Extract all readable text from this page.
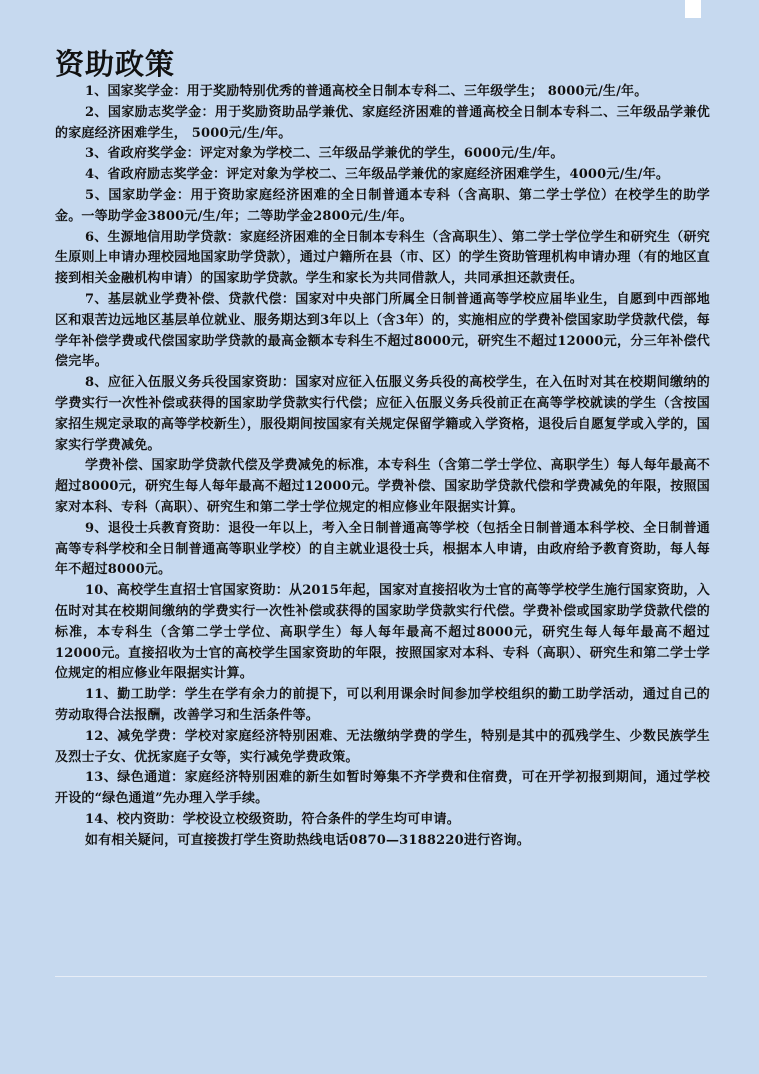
资助政策

1、国家奖学金：用于奖励特别优秀的普通高校全日制本专科二、三年级学生； 8000元/生/年。

2、国家励志奖学金：用于奖励资助品学兼优、家庭经济困难的普通高校全日制本专科二、三年级品学兼优的家庭经济困难学生， 5000元/生/年。

3、省政府奖学金：评定对象为学校二、三年级品学兼优的学生，6000元/生/年。

4、省政府励志奖学金：评定对象为学校二、三年级品学兼优的家庭经济困难学生，4000元/生/年。

5、国家助学金：用于资助家庭经济困难的全日制普通本专科（含高职、第二学士学位）在校学生的助学金。一等助学金3800元/生/年；二等助学金2800元/生/年。

6、生源地信用助学贷款：家庭经济困难的全日制本专科生（含高职生）、第二学士学位学生和研究生（研究生原则上申请办理校园地国家助学贷款），通过户籍所在县（市、区）的学生资助管理机构申请办理（有的地区直接到相关金融机构申请）的国家助学贷款。学生和家长为共同借款人，共同承担还款责任。

7、基层就业学费补偿、贷款代偿：国家对中央部门所属全日制普通高等学校应届毕业生，自愿到中西部地区和艰苦边远地区基层单位就业、服务期达到3年以上（含3年）的，实施相应的学费补偿国家助学贷款代偿，每学年补偿学费或代偿国家助学贷款的最高金额本专科生不超过8000元，研究生不超过12000元，分三年补偿代偿完毕。

8、应征入伍服义务兵役国家资助：国家对应征入伍服义务兵役的高校学生，在入伍时对其在校期间缴纳的学费实行一次性补偿或获得的国家助学贷款实行代偿；应征入伍服义务兵役前正在高等学校就读的学生（含按国家招生规定录取的高等学校新生），服役期间按国家有关规定保留学籍或入学资格，退役后自愿复学或入学的，国家实行学费减免。

学费补偿、国家助学贷款代偿及学费减免的标准，本专科生（含第二学士学位、高职学生）每人每年最高不超过8000元，研究生每人每年最高不超过12000元。学费补偿、国家助学贷款代偿和学费减免的年限，按照国家对本科、专科（高职）、研究生和第二学士学位规定的相应修业年限据实计算。

9、退役士兵教育资助：退役一年以上，考入全日制普通高等学校（包括全日制普通本科学校、全日制普通高等专科学校和全日制普通高等职业学校）的自主就业退役士兵，根据本人申请，由政府给予教育资助，每人每年不超过8000元。

10、高校学生直招士官国家资助：从2015年起，国家对直接招收为士官的高等学校学生施行国家资助，入伍时对其在校期间缴纳的学费实行一次性补偿或获得的国家助学贷款实行代偿。学费补偿或国家助学贷款代偿的标准，本专科生（含第二学士学位、高职学生）每人每年最高不超过8000元，研究生每人每年最高不超过12000元。直接招收为士官的高校学生国家资助的年限，按照国家对本科、专科（高职）、研究生和第二学士学位规定的相应修业年限据实计算。

11、勤工助学：学生在学有余力的前提下，可以利用课余时间参加学校组织的勤工助学活动，通过自己的劳动取得合法报酬，改善学习和生活条件等。

12、减免学费：学校对家庭经济特别困难、无法缴纳学费的学生，特别是其中的孤残学生、少数民族学生及烈士子女、优抚家庭子女等，实行减免学费政策。

13、绿色通道：家庭经济特别困难的新生如暂时筹集不齐学费和住宿费，可在开学初报到期间，通过学校开设的“绿色通道”先办理入学手续。

14、校内资助：学校设立校级资助，符合条件的学生均可申请。

如有相关疑问，可直接拨打学生资助热线电话0870—3188220进行咨询。
